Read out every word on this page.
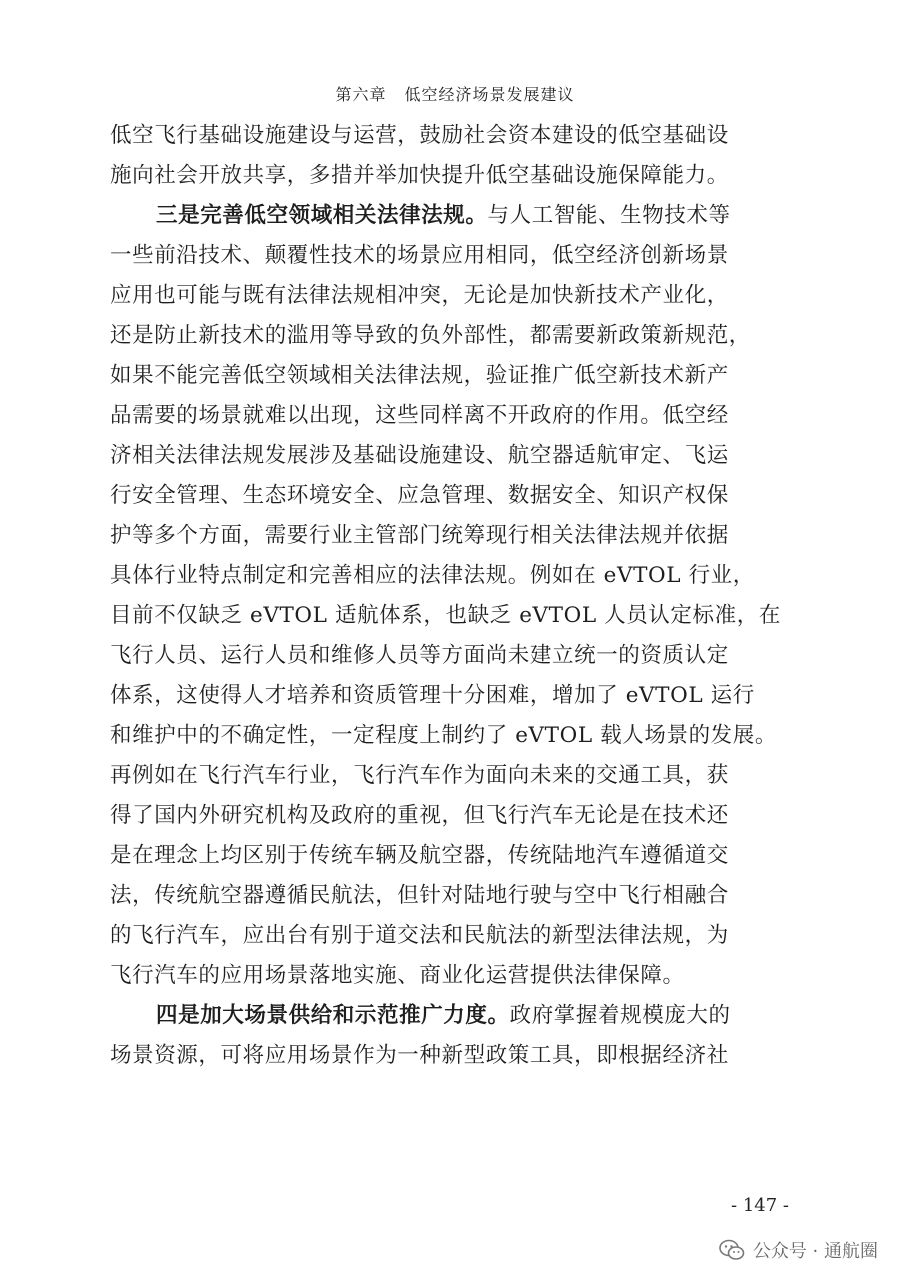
第六章 低空经济场景发展建议
低空飞行基础设施建设与运营，鼓励社会资本建设的低空基础设
施向社会开放共享，多措并举加快提升低空基础设施保障能力。
三是完善低空领域相关法律法规。与人工智能、生物技术等
一些前沿技术、颠覆性技术的场景应用相同，低空经济创新场景
应用也可能与既有法律法规相冲突，无论是加快新技术产业化，
还是防止新技术的滥用等导致的负外部性，都需要新政策新规范，
如果不能完善低空领域相关法律法规，验证推广低空新技术新产
品需要的场景就难以出现，这些同样离不开政府的作用。低空经
济相关法律法规发展涉及基础设施建设、航空器适航审定、飞运
行安全管理、生态环境安全、应急管理、数据安全、知识产权保
护等多个方面，需要行业主管部门统筹现行相关法律法规并依据
具体行业特点制定和完善相应的法律法规。例如在 eVTOL 行业，
目前不仅缺乏 eVTOL 适航体系，也缺乏 eVTOL 人员认定标准，在
飞行人员、运行人员和维修人员等方面尚未建立统一的资质认定
体系，这使得人才培养和资质管理十分困难，增加了 eVTOL 运行
和维护中的不确定性，一定程度上制约了 eVTOL 载人场景的发展。
再例如在飞行汽车行业，飞行汽车作为面向未来的交通工具，获
得了国内外研究机构及政府的重视，但飞行汽车无论是在技术还
是在理念上均区别于传统车辆及航空器，传统陆地汽车遵循道交
法，传统航空器遵循民航法，但针对陆地行驶与空中飞行相融合
的飞行汽车，应出台有别于道交法和民航法的新型法律法规，为
飞行汽车的应用场景落地实施、商业化运营提供法律保障。
四是加大场景供给和示范推广力度。政府掌握着规模庞大的
场景资源，可将应用场景作为一种新型政策工具，即根据经济社
- 147 -
公众号 · 通航圈
